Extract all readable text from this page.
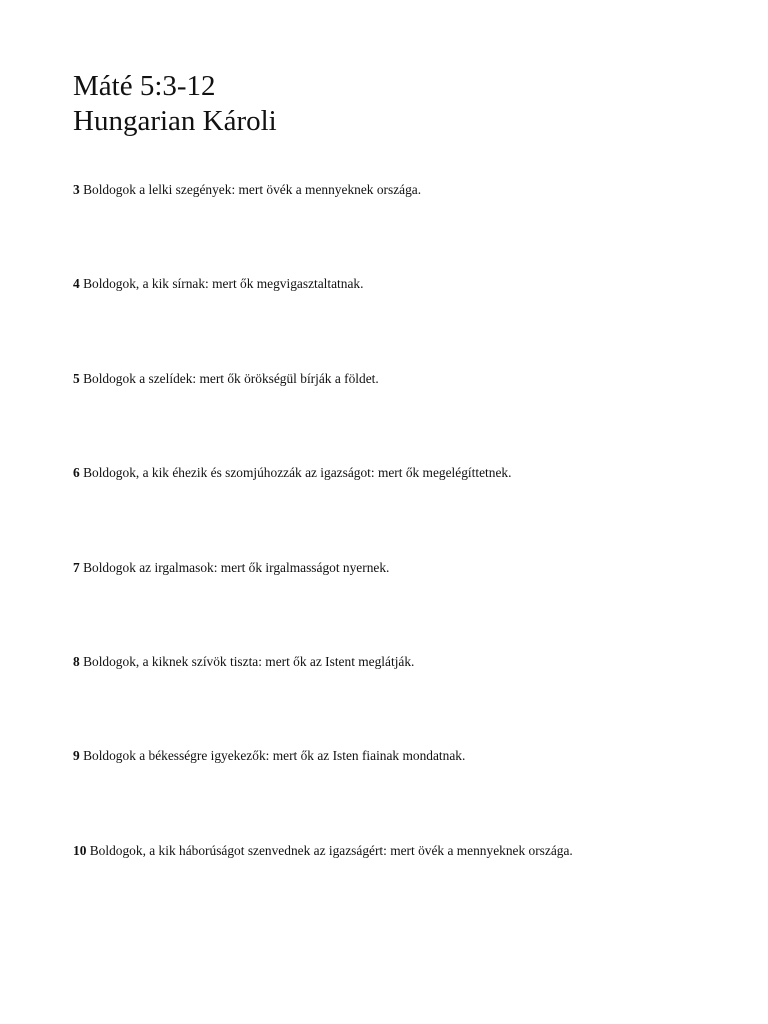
Máté 5:3-12
Hungarian Károli
3 Boldogok a lelki szegények: mert övék a mennyeknek országa.
4 Boldogok, a kik sírnak: mert ők megvigasztaltatnak.
5 Boldogok a szelídek: mert ők örökségül bírják a földet.
6 Boldogok, a kik éhezik és szomjúhozzák az igazságot: mert ők megelégíttetnek.
7 Boldogok az irgalmasok: mert ők irgalmasságot nyernek.
8 Boldogok, a kiknek szívök tiszta: mert ők az Istent meglátják.
9 Boldogok a békességre igyekezők: mert ők az Isten fiainak mondatnak.
10 Boldogok, a kik háborúságot szenvednek az igazságért: mert övék a mennyeknek országa.
